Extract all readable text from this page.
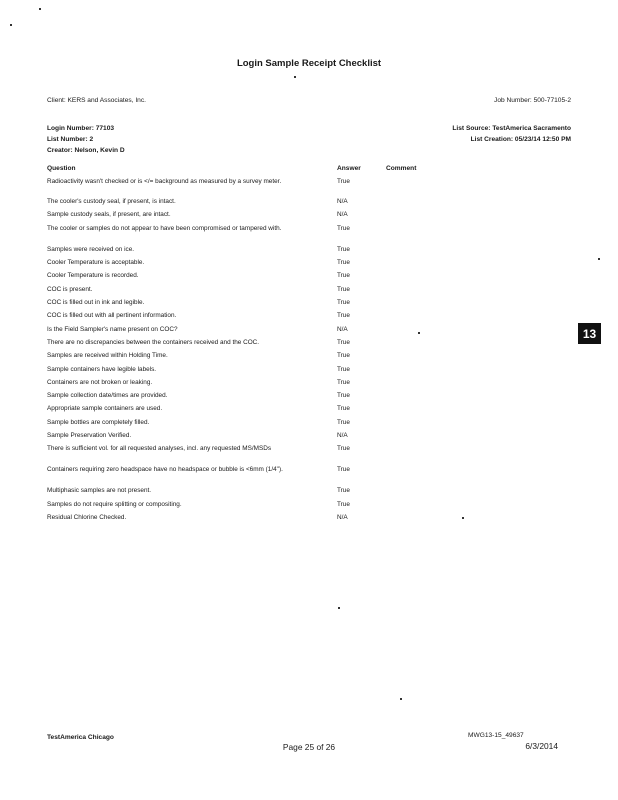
Login Sample Receipt Checklist
Client: KERS and Associates, Inc.	Job Number: 500-77105-2
Login Number: 77103	List Source: TestAmerica Sacramento
List Number: 2	List Creation: 05/23/14 12:50 PM
Creator: Nelson, Kevin D
Question	Answer	Comment
Radioactivity wasn't checked or is </= background as measured by a survey meter.	True
The cooler's custody seal, if present, is intact.	N/A
Sample custody seals, if present, are intact.	N/A
The cooler or samples do not appear to have been compromised or tampered with.	True
Samples were received on ice.	True
Cooler Temperature is acceptable.	True
Cooler Temperature is recorded.	True
COC is present.	True
COC is filled out in ink and legible.	True
COC is filled out with all pertinent information.	True
Is the Field Sampler's name present on COC?	N/A
There are no discrepancies between the containers received and the COC.	True
Samples are received within Holding Time.	True
Sample containers have legible labels.	True
Containers are not broken or leaking.	True
Sample collection date/times are provided.	True
Appropriate sample containers are used.	True
Sample bottles are completely filled.	True
Sample Preservation Verified.	N/A
There is sufficient vol. for all requested analyses, incl. any requested MS/MSDs	True
Containers requiring zero headspace have no headspace or bubble is <6mm (1/4").	True
Multiphasic samples are not present.	True
Samples do not require splitting or compositing.	True
Residual Chlorine Checked.	N/A
13
TestAmerica Chicago
Page 25 of 26
MWG13-15_49637
6/3/2014
